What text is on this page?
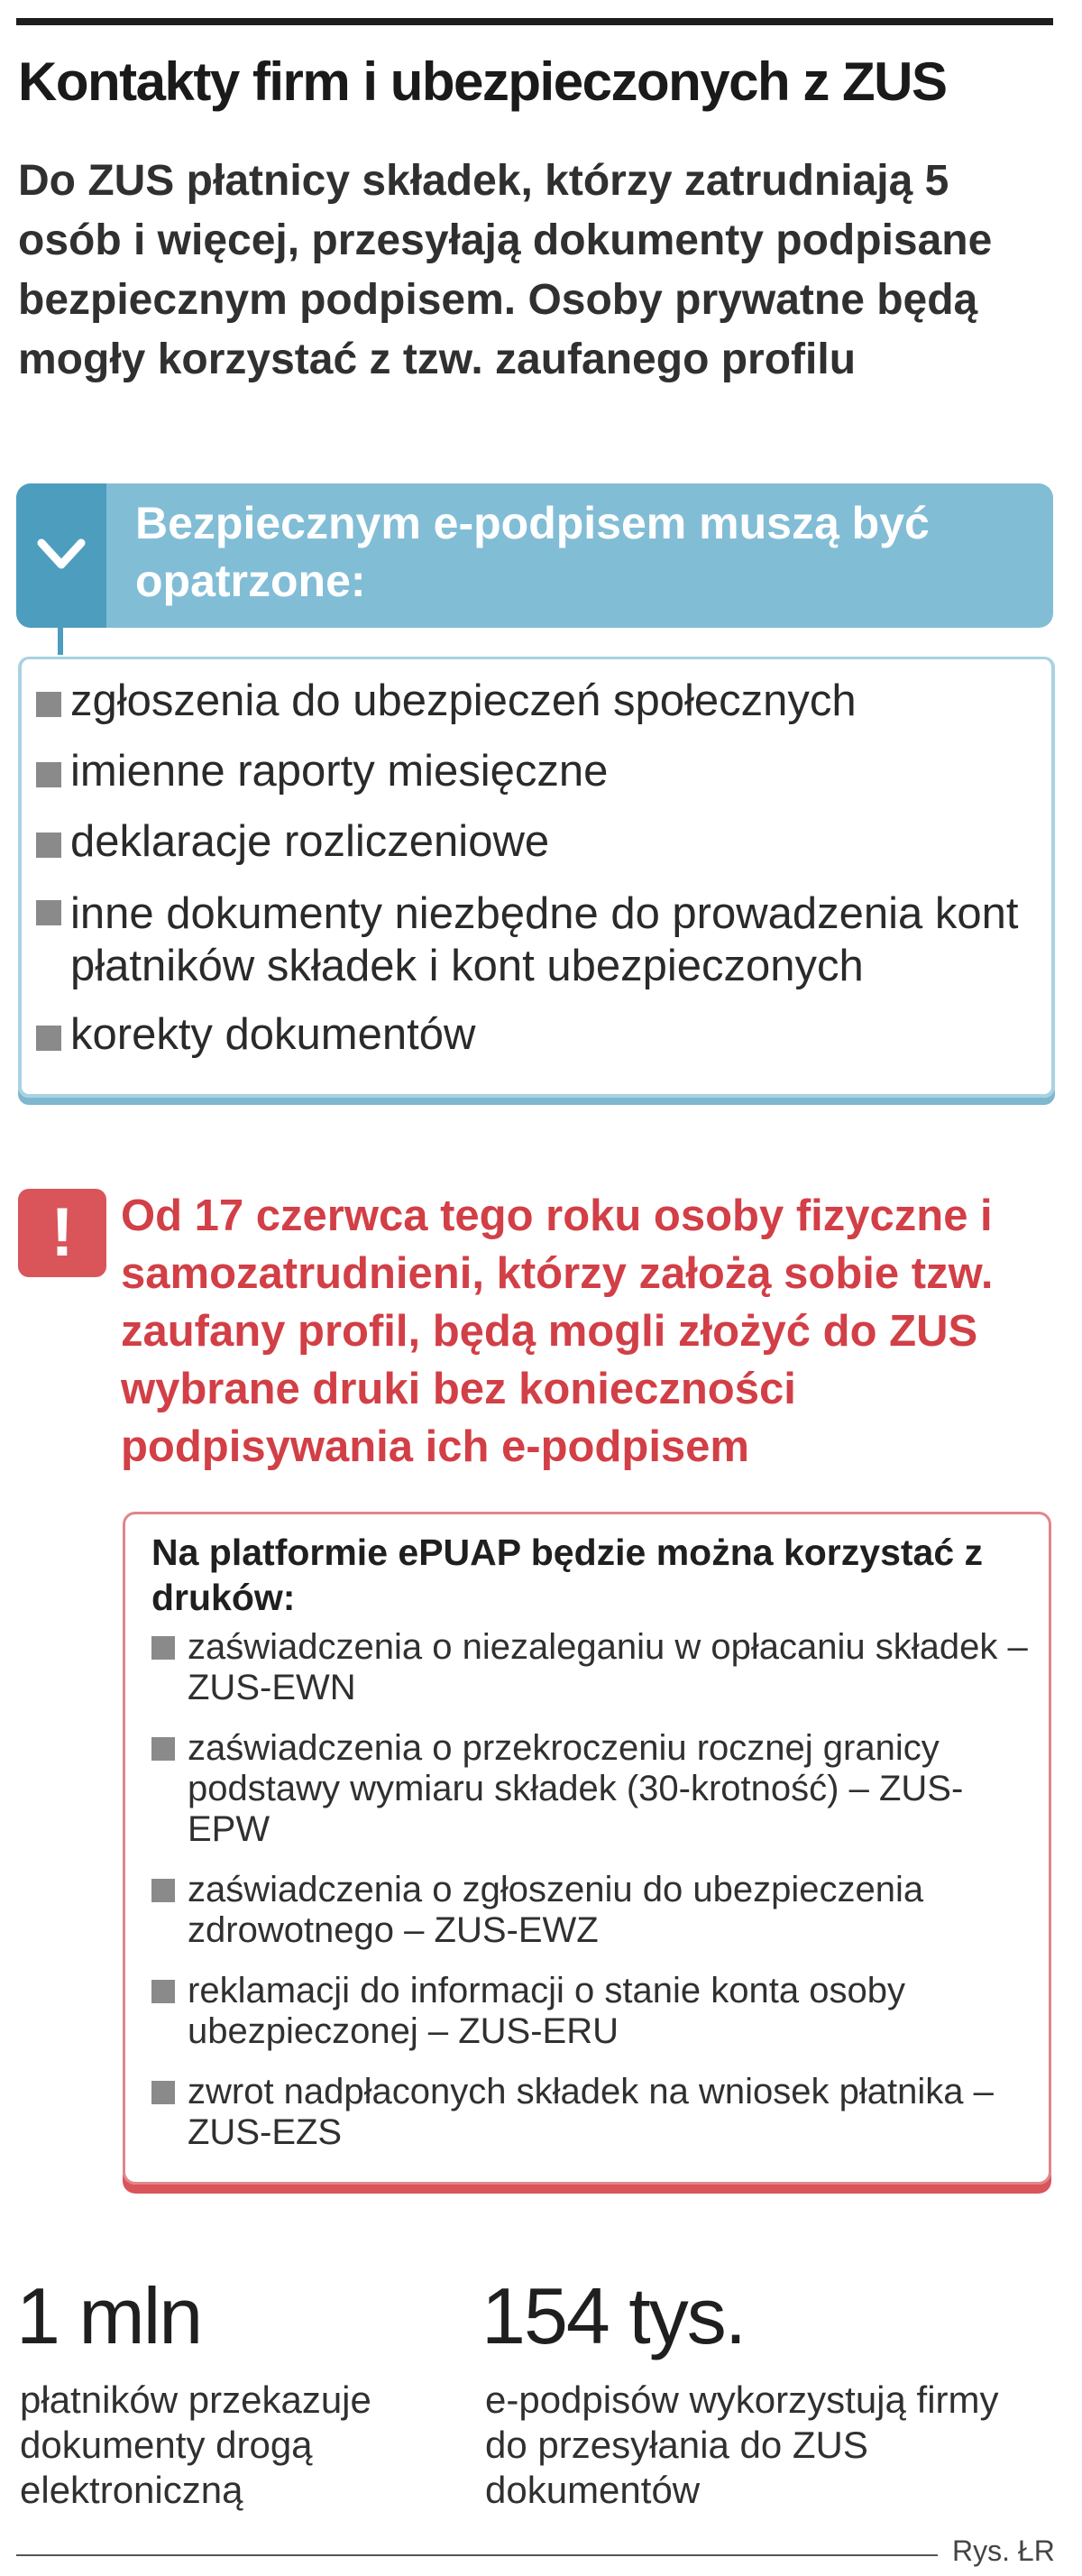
Kontakty firm i ubezpieczonych z ZUS

Do ZUS płatnicy składek, którzy zatrudniają 5 osób i więcej, przesyłają dokumenty podpisane bezpiecznym podpisem. Osoby prywatne będą mogły korzystać z tzw. zaufanego profilu

Bezpiecznym e-podpisem muszą być opatrzone:
zgłoszenia do ubezpieczeń społecznych
imienne raporty miesięczne
deklaracje rozliczeniowe
inne dokumenty niezbędne do prowadzenia kont płatników składek i kont ubezpieczonych
korekty dokumentów
!	Od 17 czerwca tego roku osoby fizyczne i samozatrudnieni, którzy założą sobie tzw. zaufany profil, będą mogli złożyć do ZUS wybrane druki bez konieczności podpisywania ich e-podpisem

Na platformie ePUAP będzie można korzystać z druków:
zaświadczenia o niezaleganiu w opłacaniu składek – ZUS-EWN
zaświadczenia o przekroczeniu rocznej granicy podstawy wymiaru składek (30-krotność) – ZUS-EPW
zaświadczenia o zgłoszeniu do ubezpieczenia zdrowotnego – ZUS-EWZ
reklamacji do informacji o stanie konta osoby ubezpieczonej – ZUS-ERU
zwrot nadpłaconych składek na wniosek płatnika – ZUS-EZS

1 mln

płatników przekazuje dokumenty drogą elektroniczną

154 tys.

e-podpisów wykorzystują firmy do przesyłania do ZUS dokumentów

Rys. ŁR
